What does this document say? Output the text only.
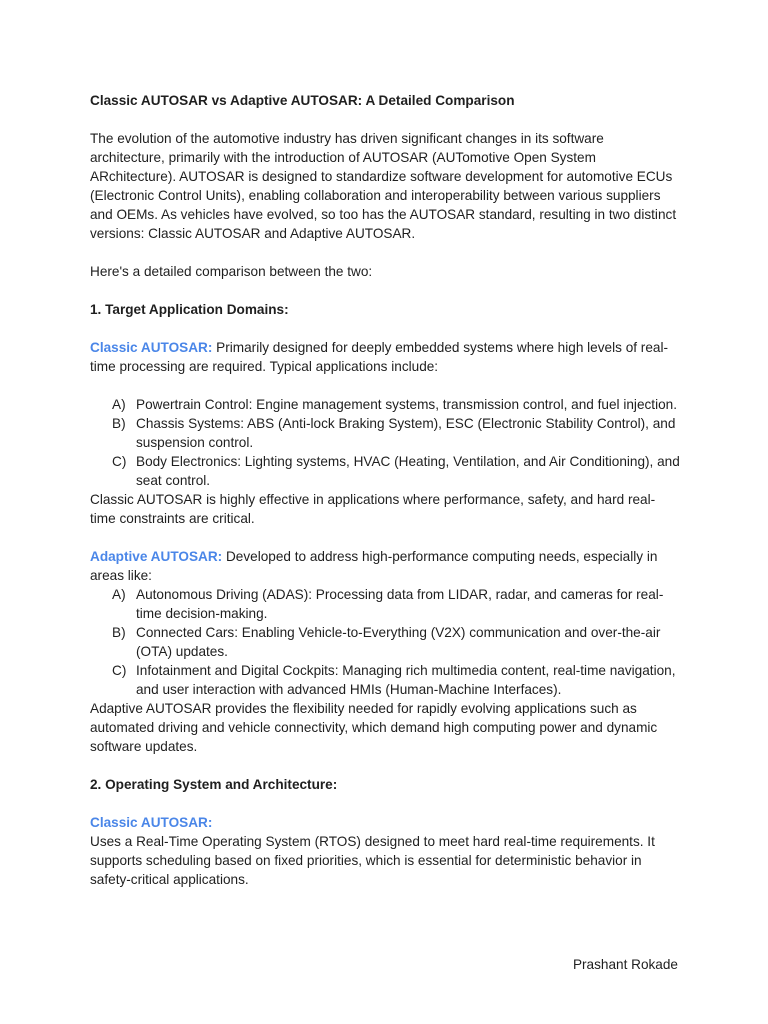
Classic AUTOSAR vs Adaptive AUTOSAR: A Detailed Comparison

The evolution of the automotive industry has driven significant changes in its software architecture, primarily with the introduction of AUTOSAR (AUTomotive Open System ARchitecture). AUTOSAR is designed to standardize software development for automotive ECUs (Electronic Control Units), enabling collaboration and interoperability between various suppliers and OEMs. As vehicles have evolved, so too has the AUTOSAR standard, resulting in two distinct versions: Classic AUTOSAR and Adaptive AUTOSAR.

Here's a detailed comparison between the two:

1. Target Application Domains:

Classic AUTOSAR: Primarily designed for deeply embedded systems where high levels of real-time processing are required. Typical applications include:

A) Powertrain Control: Engine management systems, transmission control, and fuel injection.
B) Chassis Systems: ABS (Anti-lock Braking System), ESC (Electronic Stability Control), and suspension control.
C) Body Electronics: Lighting systems, HVAC (Heating, Ventilation, and Air Conditioning), and seat control.

Classic AUTOSAR is highly effective in applications where performance, safety, and hard real-time constraints are critical.

Adaptive AUTOSAR: Developed to address high-performance computing needs, especially in areas like:

A) Autonomous Driving (ADAS): Processing data from LIDAR, radar, and cameras for real-time decision-making.
B) Connected Cars: Enabling Vehicle-to-Everything (V2X) communication and over-the-air (OTA) updates.
C) Infotainment and Digital Cockpits: Managing rich multimedia content, real-time navigation, and user interaction with advanced HMIs (Human-Machine Interfaces).

Adaptive AUTOSAR provides the flexibility needed for rapidly evolving applications such as automated driving and vehicle connectivity, which demand high computing power and dynamic software updates.

2. Operating System and Architecture:

Classic AUTOSAR:

Uses a Real-Time Operating System (RTOS) designed to meet hard real-time requirements. It supports scheduling based on fixed priorities, which is essential for deterministic behavior in safety-critical applications.

Prashant Rokade
